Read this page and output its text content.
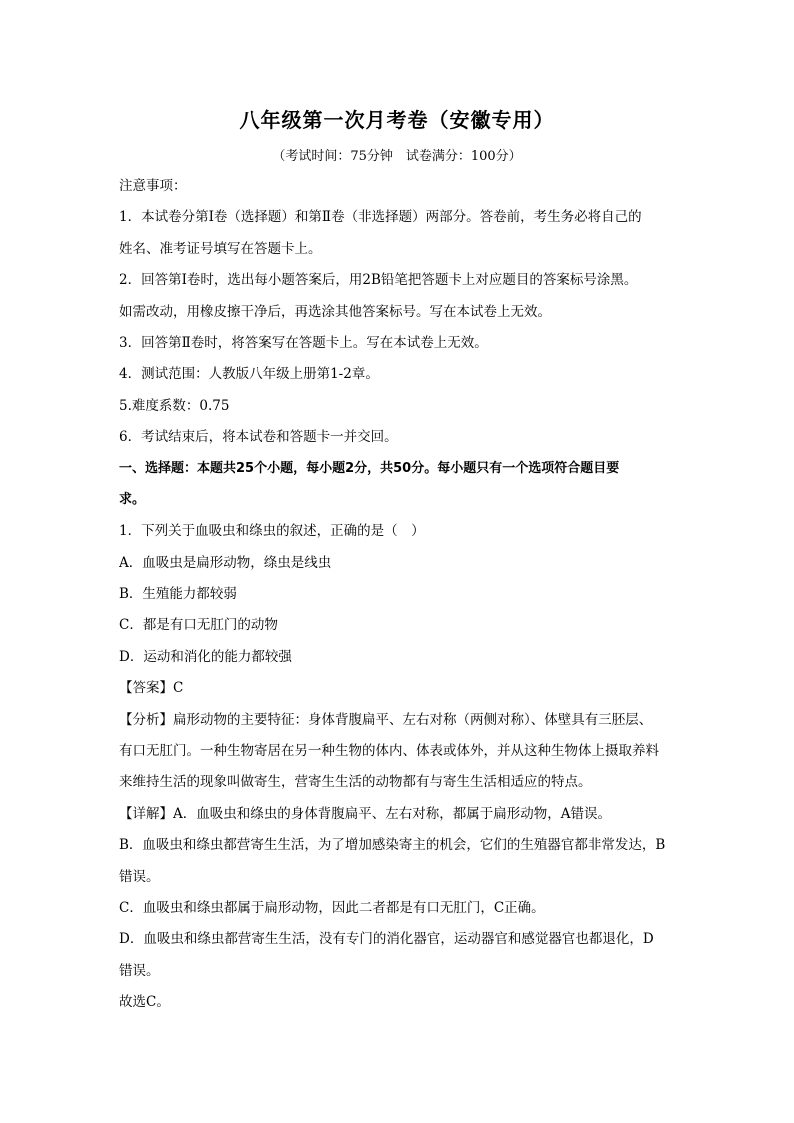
八年级第一次月考卷（安徽专用）
（考试时间：75分钟　试卷满分：100分）
注意事项：
1．本试卷分第Ⅰ卷（选择题）和第Ⅱ卷（非选择题）两部分。答卷前，考生务必将自己的
姓名、准考证号填写在答题卡上。
2．回答第Ⅰ卷时，选出每小题答案后，用2B铅笔把答题卡上对应题目的答案标号涂黑。
如需改动，用橡皮擦干净后，再选涂其他答案标号。写在本试卷上无效。
3．回答第Ⅱ卷时，将答案写在答题卡上。写在本试卷上无效。
4．测试范围：人教版八年级上册第1-2章。
5.难度系数：0.75
6．考试结束后，将本试卷和答题卡一并交回。
一、选择题：本题共25个小题，每小题2分，共50分。每小题只有一个选项符合题目要
求。
1．下列关于血吸虫和绦虫的叙述，正确的是（　）
A．血吸虫是扁形动物，绦虫是线虫
B．生殖能力都较弱
C．都是有口无肛门的动物
D．运动和消化的能力都较强
【答案】C
【分析】扁形动物的主要特征：身体背腹扁平、左右对称（两侧对称）、体壁具有三胚层、
有口无肛门。一种生物寄居在另一种生物的体内、体表或体外，并从这种生物体上摄取养料
来维持生活的现象叫做寄生，营寄生生活的动物都有与寄生生活相适应的特点。
【详解】A．血吸虫和绦虫的身体背腹扁平、左右对称，都属于扁形动物，A错误。
B．血吸虫和绦虫都营寄生生活，为了增加感染寄主的机会，它们的生殖器官都非常发达，B
错误。
C．血吸虫和绦虫都属于扁形动物，因此二者都是有口无肛门，C正确。
D．血吸虫和绦虫都营寄生生活，没有专门的消化器官，运动器官和感觉器官也都退化，D
错误。
故选C。
